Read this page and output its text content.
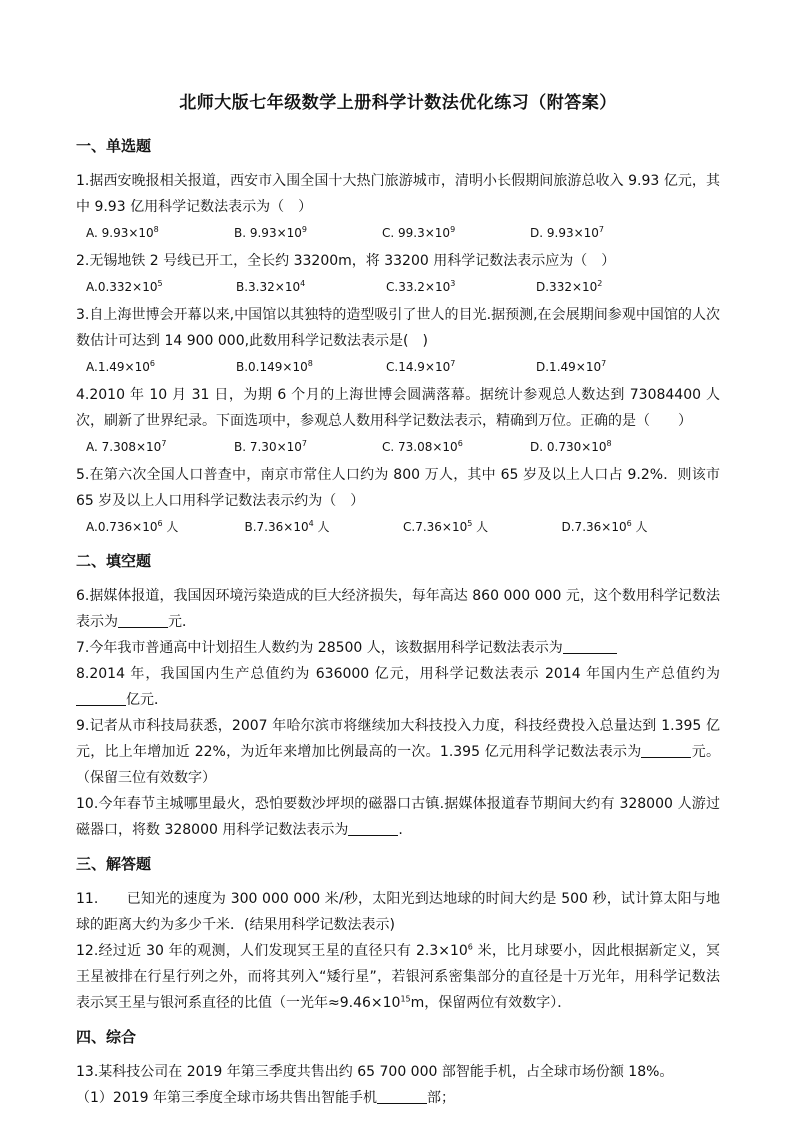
北师大版七年级数学上册科学计数法优化练习（附答案）
一、单选题

1.据西安晚报相关报道，西安市入围全国十大热门旅游城市，清明小长假期间旅游总收入 9.93 亿元，其中 9.93 亿用科学记数法表示为（　）

A. $9.93\times 10^8$	B. $9.93\times 10^9$	C. $99.3\times 10^9$	D. $9.93\times 10^7$

2.无锡地铁 2 号线已开工，全长约 33200m，将 33200 用科学记数法表示应为（　）

$A.0.332\times 10^5$	$B.3.32\times 10^4$	$C.33.2\times 10^3$	$D.332\times 10^2$

3.自上海世博会开幕以来,中国馆以其独特的造型吸引了世人的目光.据预测,在会展期间参观中国馆的人次数估计可达到 14 900 000,此数用科学记数法表示是(　)

$A.1.49\times 10^6$	$B.0.149\times 10^8$	$C.14.9\times 10^7$	$D.1.49\times 10^7$

4.2010 年 10 月 31 日，为期 6 个月的上海世博会圆满落幕。据统计参观总人数达到 73084400 人次，刷新了世界纪录。下面选项中，参观总人数用科学记数法表示，精确到万位。正确的是（　　）

A. $7.308\times 10^7$	B. $7.30\times 10^7$	C. $73.08\times 10^6$	D. $0.730\times 10^8$

5.在第六次全国人口普查中，南京市常住人口约为 800 万人，其中 65 岁及以上人口占 9.2%．则该市 65 岁及以上人口用科学记数法表示约为（　）

$A.0.736\times 10^6$ 人	$B.7.36\times 10^4$ 人	$C.7.36\times 10^5$ 人	$D.7.36\times 10^6$ 人
二、填空题

6.据媒体报道，我国因环境污染造成的巨大经济损失，每年高达 860 000 000 元，这个数用科学记数法表示为	元．

7.今年我市普通高中计划招生人数约为 28500 人，该数据用科学记数法表示为

8.2014 年，我国国内生产总值约为 636000 亿元，用科学记数法表示 2014 年国内生产总值约为亿元．

9.记者从市科技局获悉，2007 年哈尔滨市将继续加大科技投入力度，科技经费投入总量达到 1.395 亿元，比上年增加近 22%，为近年来增加比例最高的一次。1.395 亿元用科学记数法表示为	元。（保留三位有效数字）

10.今年春节主城哪里最火，恐怕要数沙坪坝的磁器口古镇.据媒体报道春节期间大约有 328000 人游过磁器口，将数 328000 用科学记数法表示为	.

三、解答题

11.　　已知光的速度为 300 000 000 米/秒，太阳光到达地球的时间大约是 500 秒，试计算太阳与地球的距离大约为多少千米．(结果用科学记数法表示)

12.经过近 30 年的观测，人们发现冥王星的直径只有 $2.3\times 10^6$ 米，比月球要小，因此根据新定义，冥王星被排在行星行列之外，而将其列入“矮行星”，若银河系密集部分的直径是十万光年，用科学记数法表示冥王星与银河系直径的比值（一光年$\approx 9.46\times 10^{15}m$，保留两位有效数字）．

四、综合

13.某科技公司在 2019 年第三季度共售出约 65 700 000 部智能手机，占全球市场份额 18%。

（1）2019 年第三季度全球市场共售出智能手机	部；
